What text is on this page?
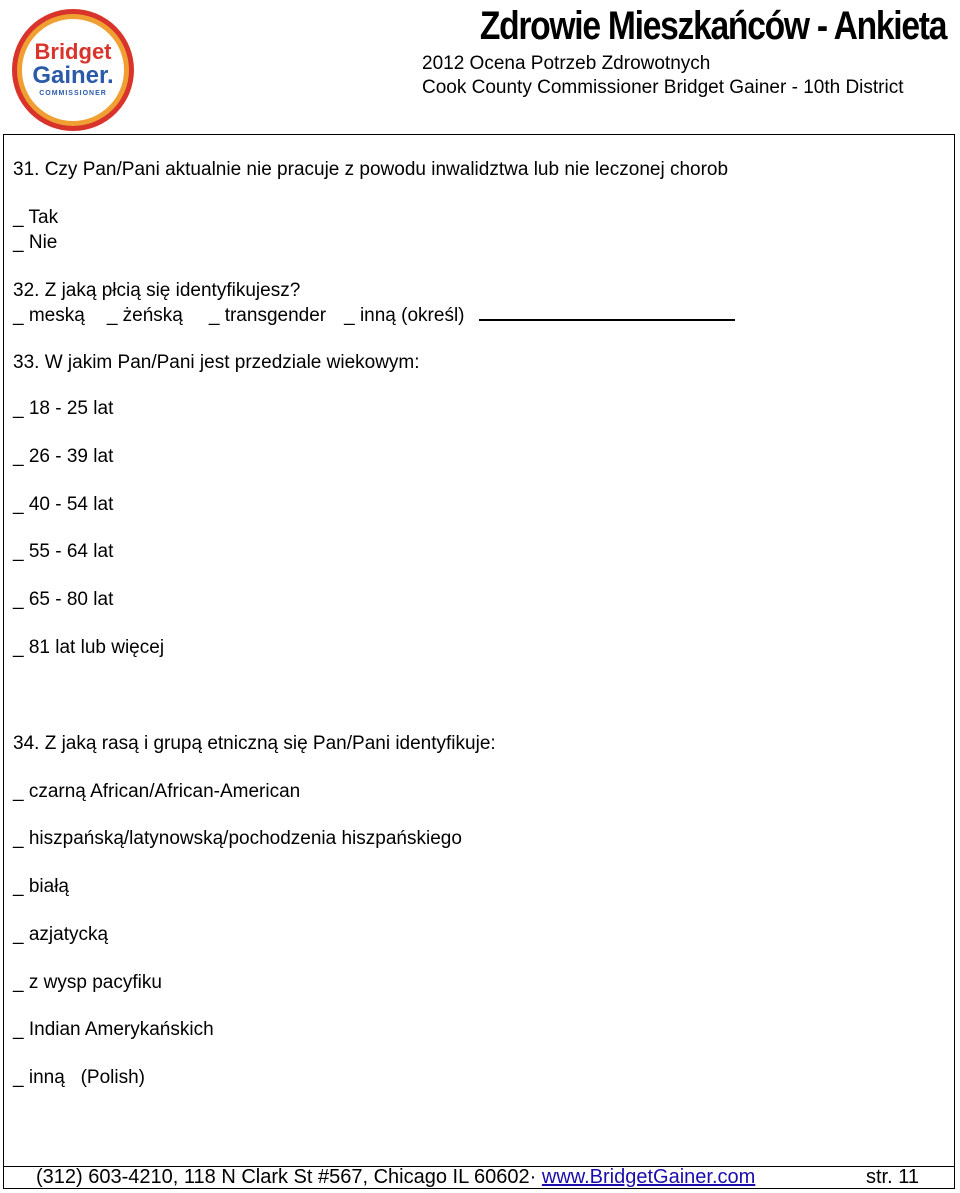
Bridget
Gainer.
COMMISSIONER
Zdrowie Mieszkańców - Ankieta
2012 Ocena Potrzeb Zdrowotnych
Cook County Commissioner Bridget Gainer - 10th District
31. Czy Pan/Pani aktualnie nie pracuje z powodu inwalidztwa lub nie leczonej chorob
_ Tak
_ Nie
32. Z jaką płcią się identyfikujesz?
_ meską _ żeńską _ transgender _ inną (określ)
33. W jakim Pan/Pani jest przedziale wiekowym:
_ 18 - 25 lat
_ 26 - 39 lat
_ 40 - 54 lat
_ 55 - 64 lat
_ 65 - 80 lat
_ 81 lat lub więcej
34. Z jaką rasą i grupą etniczną się Pan/Pani identyfikuje:
_ czarną African/African-American
_ hiszpańską/latynowską/pochodzenia hiszpańskiego
_ białą
_ azjatycką
_ z wysp pacyfiku
_ Indian Amerykańskich
_ inną   (Polish)
(312) 603-4210, 118 N Clark St #567, Chicago IL 60602· www.BridgetGainer.com	str. 11
